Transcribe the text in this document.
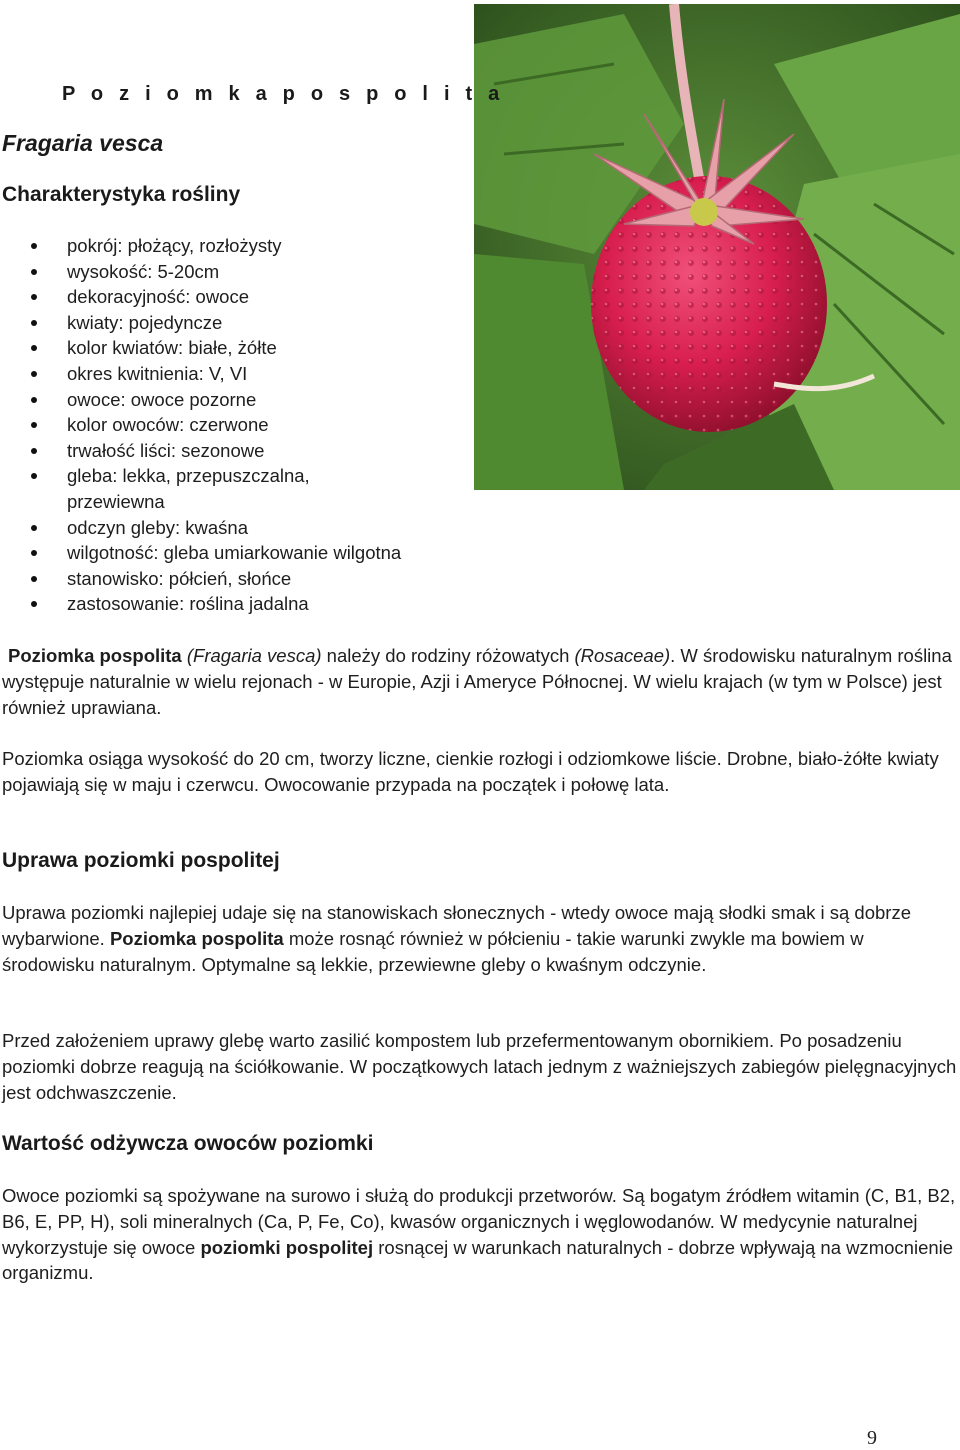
P o z i o m k a p o s p o l i t a
Fragaria vesca
Charakterystyka rośliny
pokrój: płożący, rozłożysty
wysokość: 5-20cm
dekoracyjność: owoce
kwiaty: pojedyncze
kolor kwiatów: białe, żółte
okres kwitnienia: V, VI
owoce: owoce pozorne
kolor owoców: czerwone
trwałość liści: sezonowe
gleba: lekka, przepuszczalna,
przewiewna
odczyn gleby: kwaśna
wilgotność: gleba umiarkowanie wilgotna
stanowisko: półcień, słońce
zastosowanie: roślina jadalna

Poziomka pospolita (Fragaria vesca) należy do rodziny różowatych (Rosaceae). W środowisku naturalnym roślina występuje naturalnie w wielu rejonach - w Europie, Azji i Ameryce Północnej. W wielu krajach (w tym w Polsce) jest również uprawiana.

Poziomka osiąga wysokość do 20 cm, tworzy liczne, cienkie rozłogi i odziomkowe liście. Drobne, biało-żółte kwiaty pojawiają się w maju i czerwcu. Owocowanie przypada na początek i połowę lata.

Uprawa poziomki pospolitej

Uprawa poziomki najlepiej udaje się na stanowiskach słonecznych - wtedy owoce mają słodki smak i są dobrze wybarwione. Poziomka pospolita może rosnąć również w półcieniu - takie warunki zwykle ma bowiem w środowisku naturalnym. Optymalne są lekkie, przewiewne gleby o kwaśnym odczynie.

Przed założeniem uprawy glebę warto zasilić kompostem lub przefermentowanym obornikiem. Po posadzeniu poziomki dobrze reagują na ściółkowanie. W początkowych latach jednym z ważniejszych zabiegów pielęgnacyjnych jest odchwaszczenie.

Wartość odżywcza owoców poziomki

Owoce poziomki są spożywane na surowo i służą do produkcji przetworów. Są bogatym źródłem witamin (C, B1, B2, B6, E, PP, H), soli mineralnych (Ca, P, Fe, Co), kwasów organicznych i węglowodanów. W medycynie naturalnej wykorzystuje się owoce poziomki pospolitej rosnącej w warunkach naturalnych - dobrze wpływają na wzmocnienie organizmu.

9
